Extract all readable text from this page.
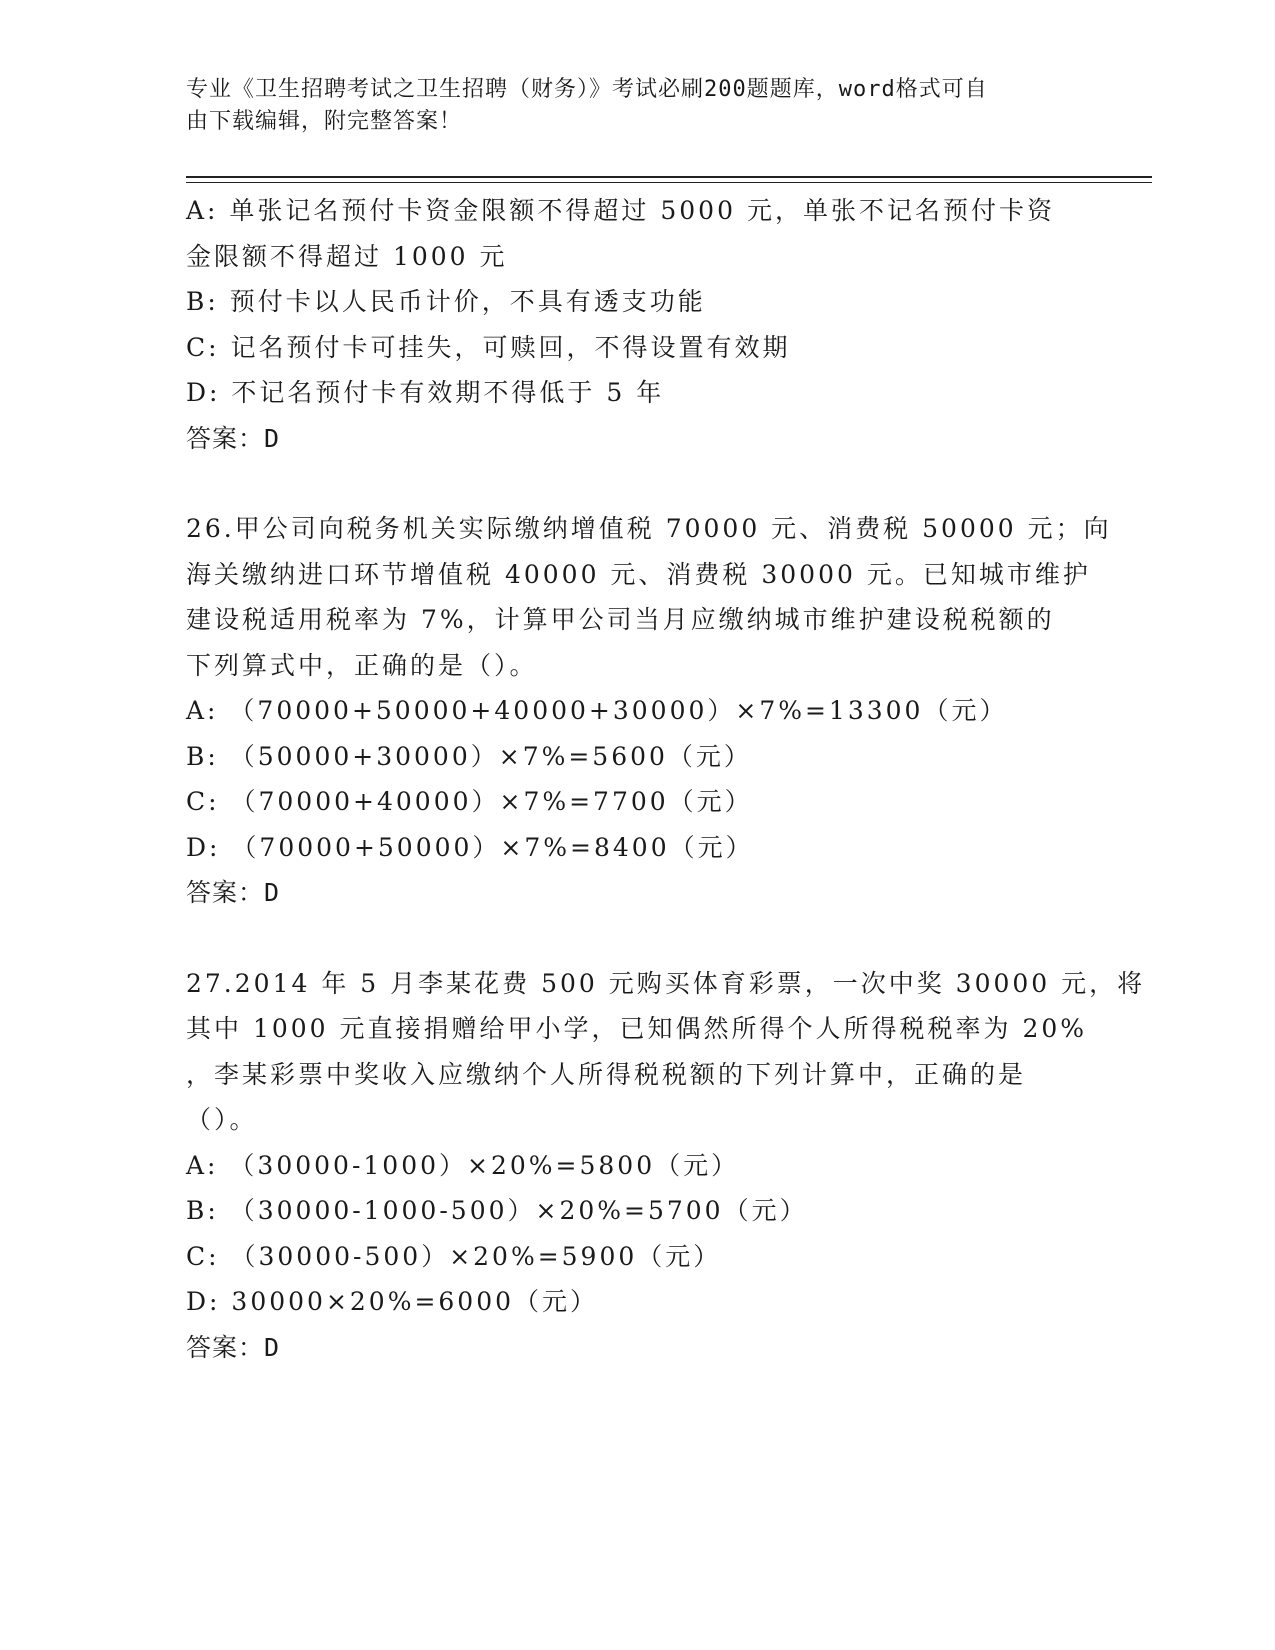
专业《卫生招聘考试之卫生招聘（财务）》考试必刷200题题库，word格式可自
由下载编辑，附完整答案！
A: 单张记名预付卡资金限额不得超过 5000 元，单张不记名预付卡资
金限额不得超过 1000 元
B: 预付卡以人民币计价，不具有透支功能
C: 记名预付卡可挂失，可赎回，不得设置有效期
D: 不记名预付卡有效期不得低于 5 年
答案：D
26.甲公司向税务机关实际缴纳增值税 70000 元、消费税 50000 元；向
海关缴纳进口环节增值税 40000 元、消费税 30000 元。已知城市维护
建设税适用税率为 7%，计算甲公司当月应缴纳城市维护建设税税额的
下列算式中，正确的是（）。
A: （70000+50000+40000+30000）×7%=13300（元）
B: （50000+30000）×7%=5600（元）
C: （70000+40000）×7%=7700（元）
D: （70000+50000）×7%=8400（元）
答案：D
27.2014 年 5 月李某花费 500 元购买体育彩票，一次中奖 30000 元，将
其中 1000 元直接捐赠给甲小学，已知偶然所得个人所得税税率为 20%
，李某彩票中奖收入应缴纳个人所得税税额的下列计算中，正确的是
（）。
A: （30000-1000）×20%=5800（元）
B: （30000-1000-500）×20%=5700（元）
C: （30000-500）×20%=5900（元）
D: 30000×20%=6000（元）
答案：D
